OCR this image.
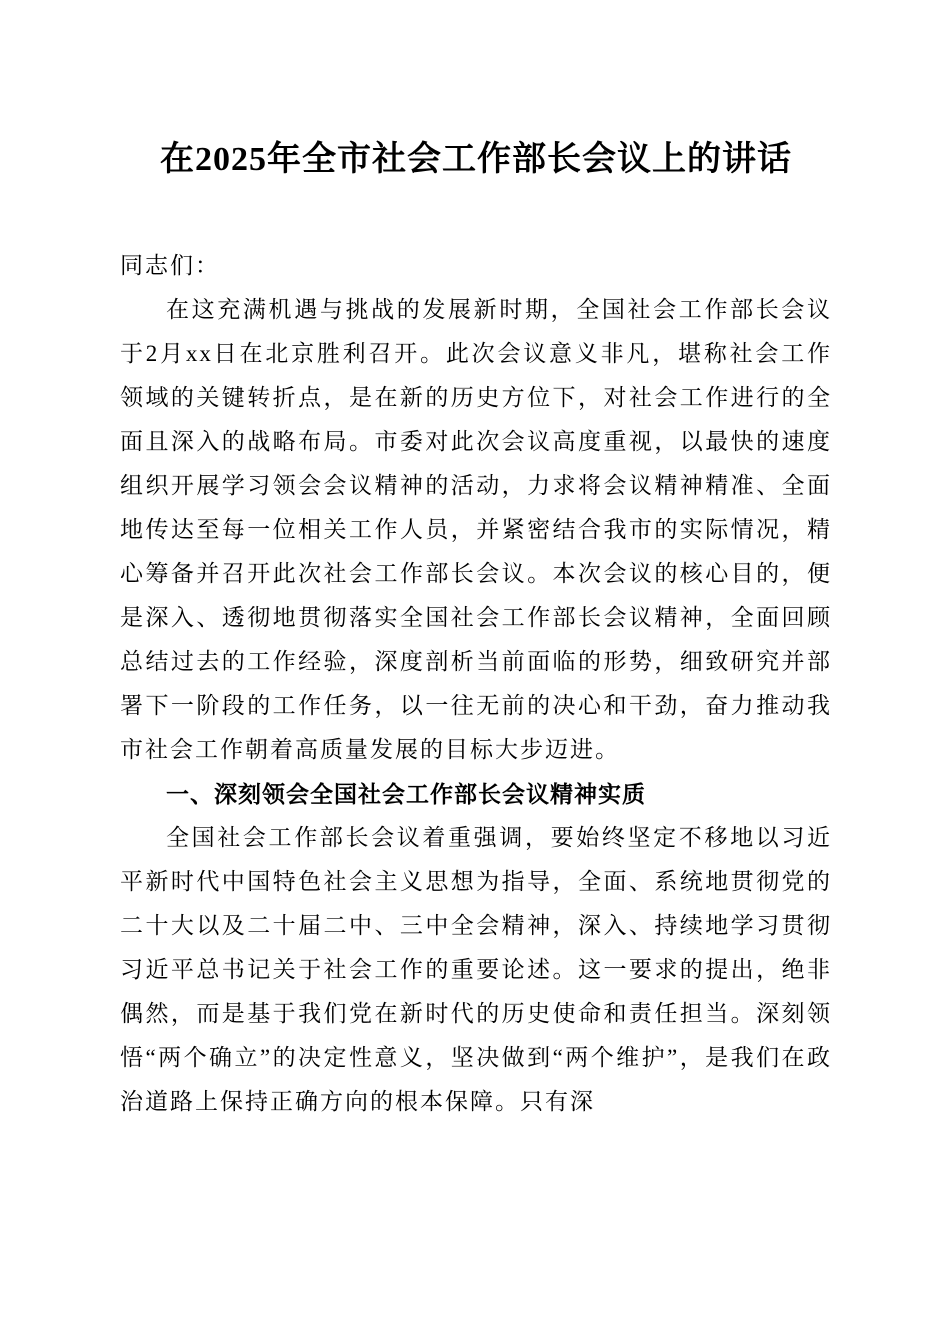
在2025年全市社会工作部长会议上的讲话

同志们：

在这充满机遇与挑战的发展新时期，全国社会工作部长会议于2月xx日在北京胜利召开。此次会议意义非凡，堪称社会工作领域的关键转折点，是在新的历史方位下，对社会工作进行的全面且深入的战略布局。市委对此次会议高度重视，以最快的速度组织开展学习领会会议精神的活动，力求将会议精神精准、全面地传达至每一位相关工作人员，并紧密结合我市的实际情况，精心筹备并召开此次社会工作部长会议。本次会议的核心目的，便是深入、透彻地贯彻落实全国社会工作部长会议精神，全面回顾总结过去的工作经验，深度剖析当前面临的形势，细致研究并部署下一阶段的工作任务，以一往无前的决心和干劲，奋力推动我市社会工作朝着高质量发展的目标大步迈进。

一、深刻领会全国社会工作部长会议精神实质

全国社会工作部长会议着重强调，要始终坚定不移地以习近平新时代中国特色社会主义思想为指导，全面、系统地贯彻党的二十大以及二十届二中、三中全会精神，深入、持续地学习贯彻习近平总书记关于社会工作的重要论述。这一要求的提出，绝非偶然，而是基于我们党在新时代的历史使命和责任担当。深刻领悟“两个确立”的决定性意义，坚决做到“两个维护”，是我们在政治道路上保持正确方向的根本保障。只有深
